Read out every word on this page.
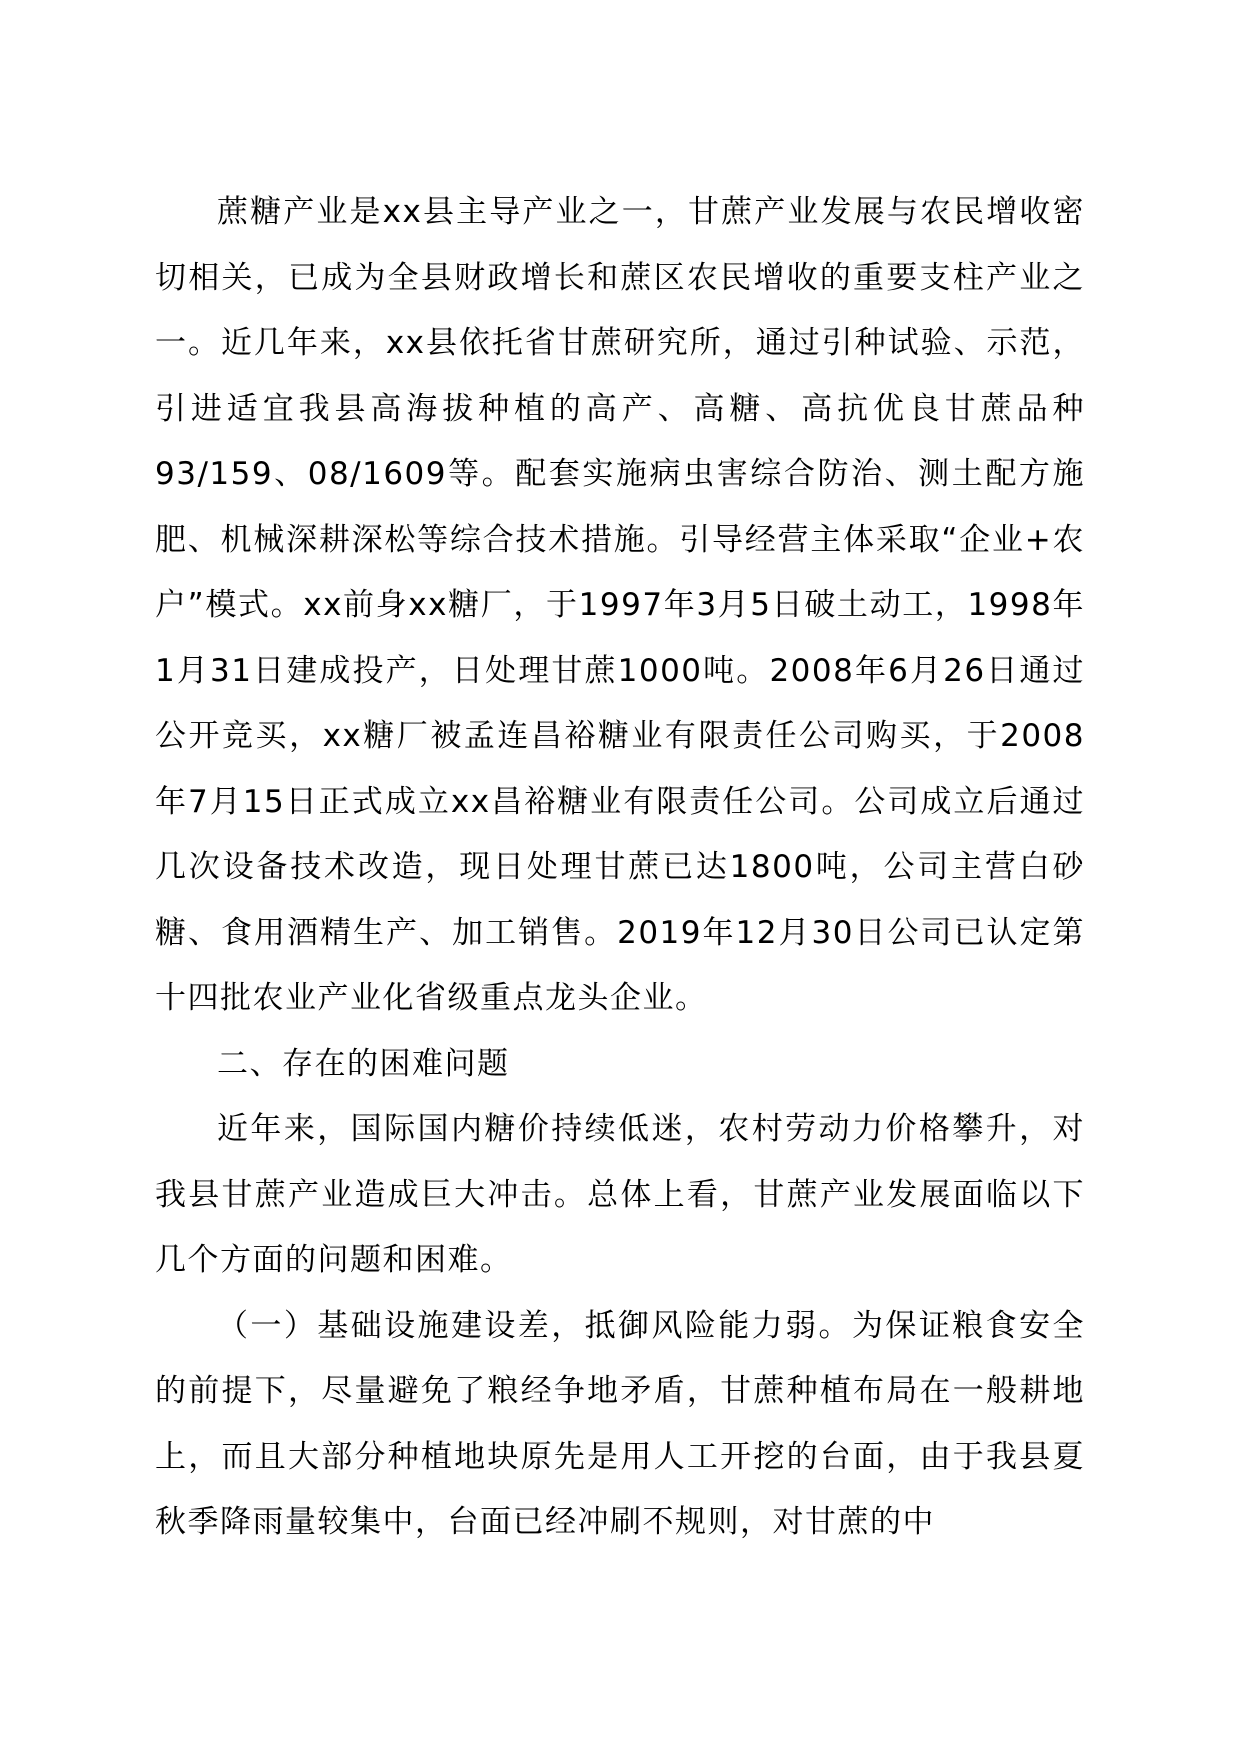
蔗糖产业是xx县主导产业之一，甘蔗产业发展与农民增收密切相关，已成为全县财政增长和蔗区农民增收的重要支柱产业之一。近几年来，xx县依托省甘蔗研究所，通过引种试验、示范，引进适宜我县高海拔种植的高产、高糖、高抗优良甘蔗品种93/159、08/1609等。配套实施病虫害综合防治、测土配方施肥、机械深耕深松等综合技术措施。引导经营主体采取“企业+农户”模式。xx前身xx糖厂，于1997年3月5日破土动工，1998年1月31日建成投产，日处理甘蔗1000吨。2008年6月26日通过公开竞买，xx糖厂被孟连昌裕糖业有限责任公司购买，于2008年7月15日正式成立xx昌裕糖业有限责任公司。公司成立后通过几次设备技术改造，现日处理甘蔗已达1800吨，公司主营白砂糖、食用酒精生产、加工销售。2019年12月30日公司已认定第十四批农业产业化省级重点龙头企业。

二、存在的困难问题

近年来，国际国内糖价持续低迷，农村劳动力价格攀升，对我县甘蔗产业造成巨大冲击。总体上看，甘蔗产业发展面临以下几个方面的问题和困难。

（一）基础设施建设差，抵御风险能力弱。为保证粮食安全的前提下，尽量避免了粮经争地矛盾，甘蔗种植布局在一般耕地上，而且大部分种植地块原先是用人工开挖的台面，由于我县夏秋季降雨量较集中，台面已经冲刷不规则，对甘蔗的中
